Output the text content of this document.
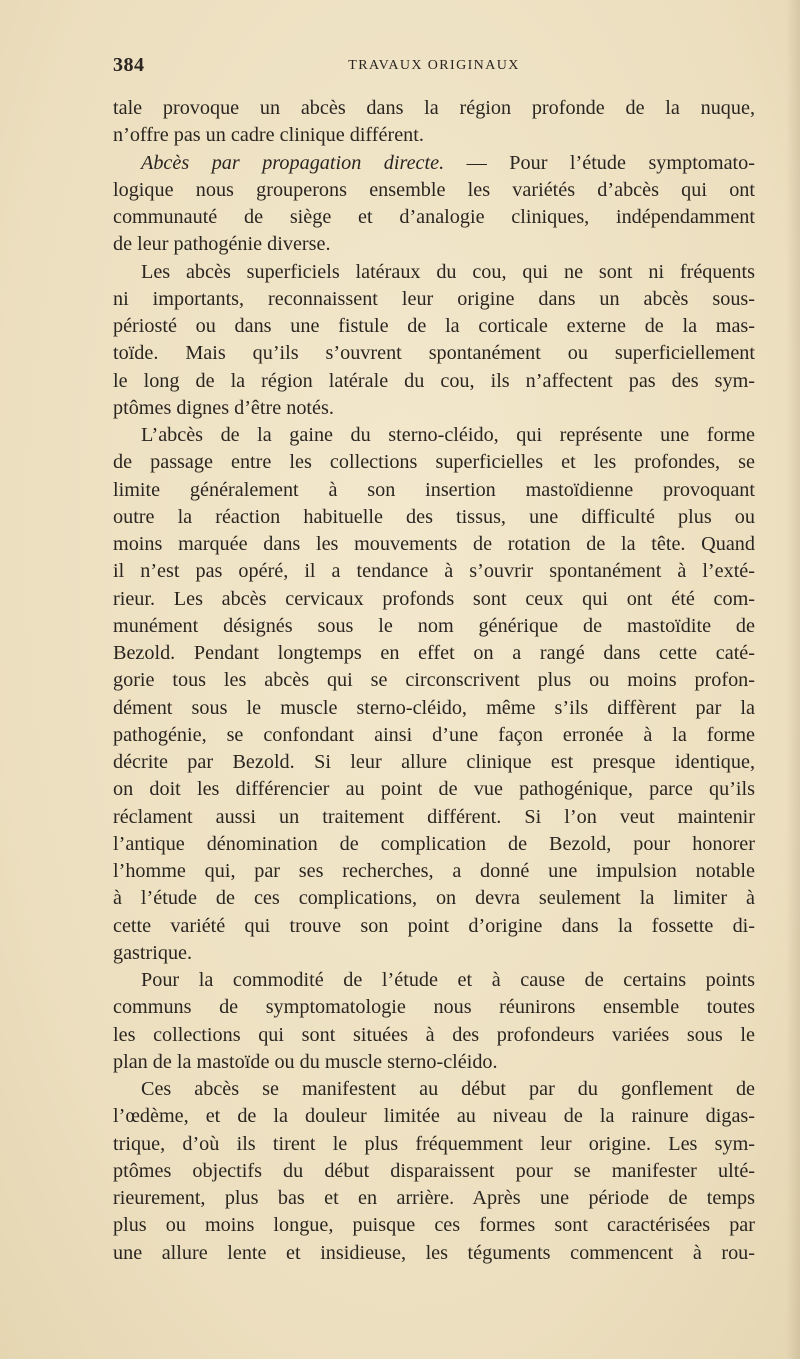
384	TRAVAUX ORIGINAUX
tale provoque un abcès dans la région profonde de la nuque,
n’offre pas un cadre clinique différent.
Abcès par propagation directe. — Pour l’étude symptomato-
logique nous grouperons ensemble les variétés d’abcès qui ont
communauté de siège et d’analogie cliniques, indépendamment
de leur pathogénie diverse.
Les abcès superficiels latéraux du cou, qui ne sont ni fréquents
ni importants, reconnaissent leur origine dans un abcès sous-
périosté ou dans une fistule de la corticale externe de la mas-
toïde. Mais qu’ils s’ouvrent spontanément ou superficiellement
le long de la région latérale du cou, ils n’affectent pas des sym-
ptômes dignes d’être notés.
L’abcès de la gaine du sterno-cléido, qui représente une forme
de passage entre les collections superficielles et les profondes, se
limite généralement à son insertion mastoïdienne provoquant
outre la réaction habituelle des tissus, une difficulté plus ou
moins marquée dans les mouvements de rotation de la tête. Quand
il n’est pas opéré, il a tendance à s’ouvrir spontanément à l’exté-
rieur. Les abcès cervicaux profonds sont ceux qui ont été com-
munément désignés sous le nom générique de mastoïdite de
Bezold. Pendant longtemps en effet on a rangé dans cette caté-
gorie tous les abcès qui se circonscrivent plus ou moins profon-
dément sous le muscle sterno-cléido, même s’ils diffèrent par la
pathogénie, se confondant ainsi d’une façon erronée à la forme
décrite par Bezold. Si leur allure clinique est presque identique,
on doit les différencier au point de vue pathogénique, parce qu’ils
réclament aussi un traitement différent. Si l’on veut maintenir
l’antique dénomination de complication de Bezold, pour honorer
l’homme qui, par ses recherches, a donné une impulsion notable
à l’étude de ces complications, on devra seulement la limiter à
cette variété qui trouve son point d’origine dans la fossette di-
gastrique.
Pour la commodité de l’étude et à cause de certains points
communs de symptomatologie nous réunirons ensemble toutes
les collections qui sont situées à des profondeurs variées sous le
plan de la mastoïde ou du muscle sterno-cléido.
Ces abcès se manifestent au début par du gonflement de
l’œdème, et de la douleur limitée au niveau de la rainure digas-
trique, d’où ils tirent le plus fréquemment leur origine. Les sym-
ptômes objectifs du début disparaissent pour se manifester ulté-
rieurement, plus bas et en arrière. Après une période de temps
plus ou moins longue, puisque ces formes sont caractérisées par
une allure lente et insidieuse, les téguments commencent à rou-
